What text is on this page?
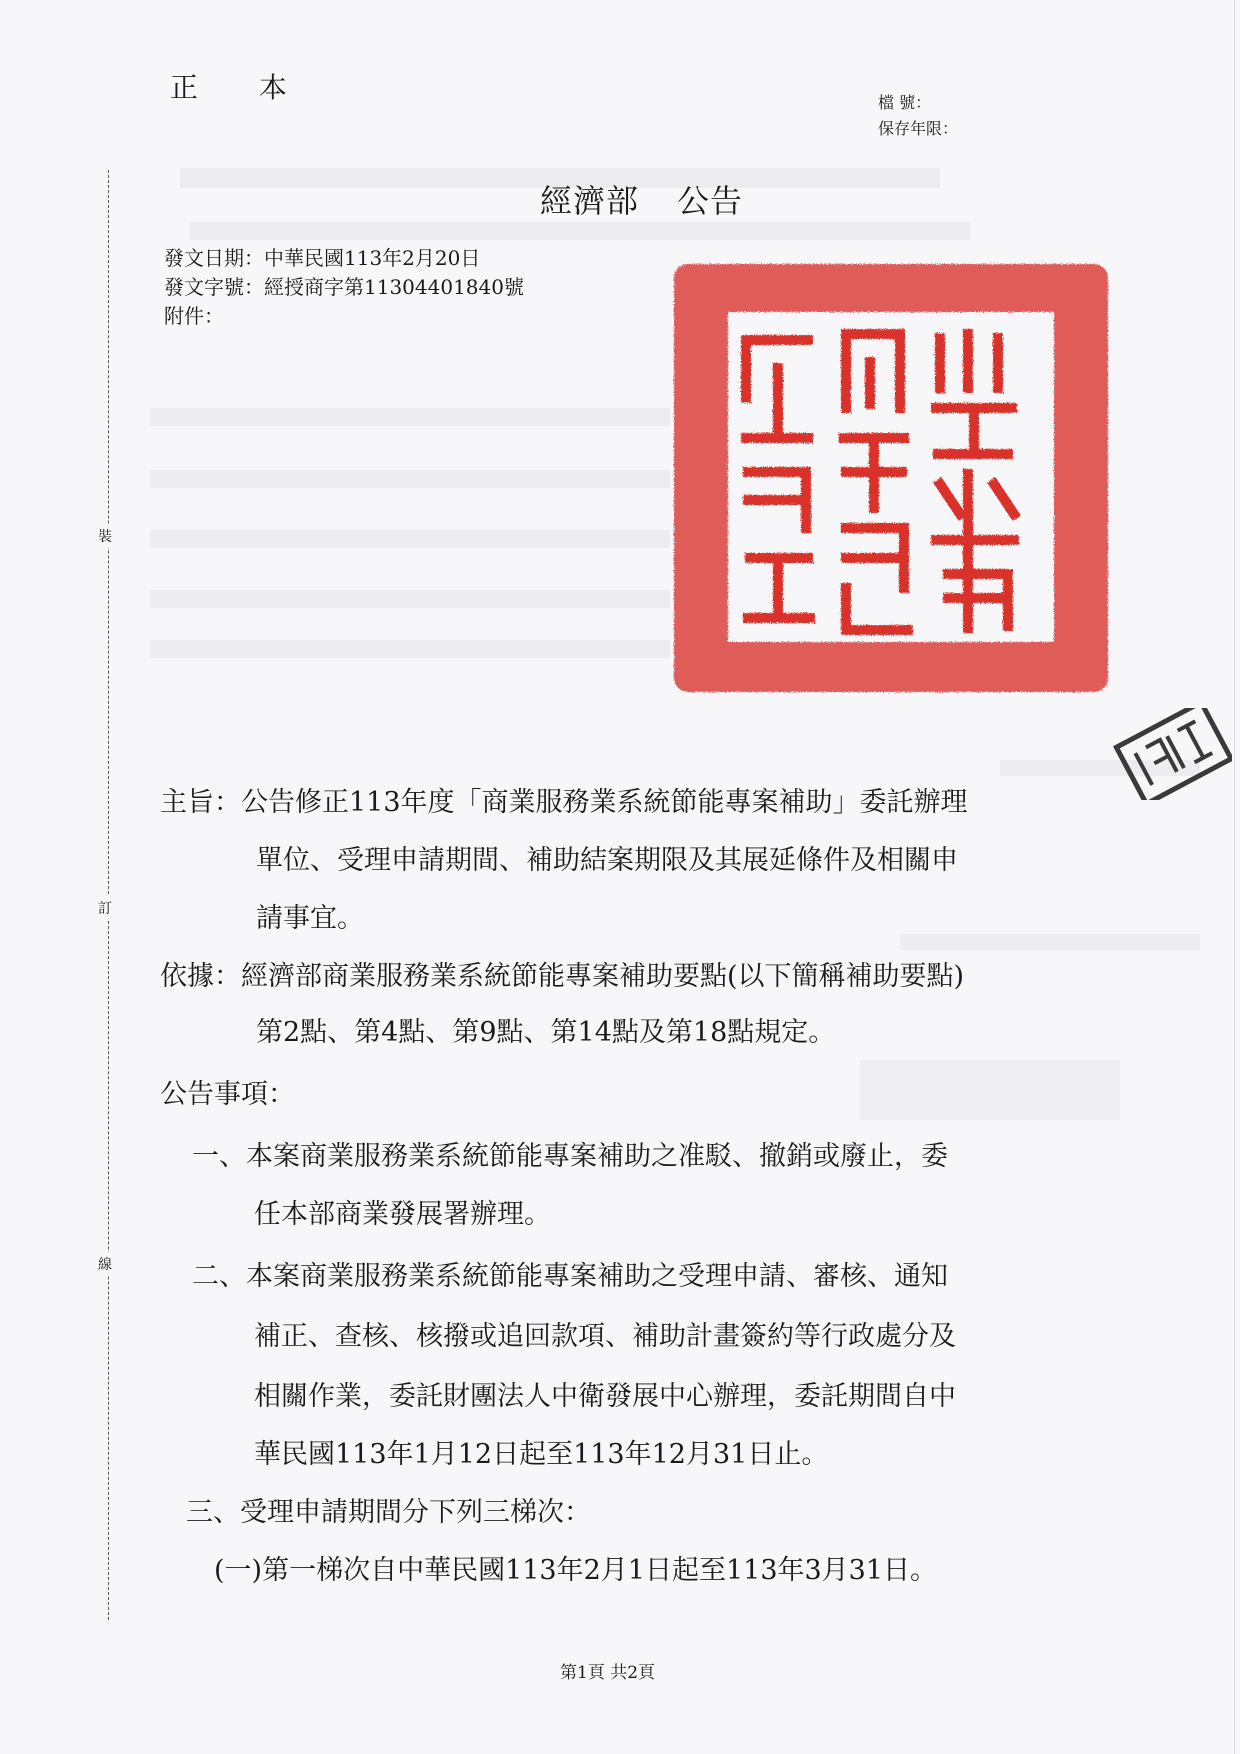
正 本	檔 號：
保存年限：
裝
訂
線
經濟部 公告
發文日期：中華民國113年2月20日
發文字號：經授商字第11304401840號
附件：
主旨：公告修正113年度「商業服務業系統節能專案補助」委託辦理
單位、受理申請期間、補助結案期限及其展延條件及相關申
請事宜。
依據：經濟部商業服務業系統節能專案補助要點(以下簡稱補助要點)
第2點、第4點、第9點、第14點及第18點規定。
公告事項：
一、本案商業服務業系統節能專案補助之准駁、撤銷或廢止，委
任本部商業發展署辦理。
二、本案商業服務業系統節能專案補助之受理申請、審核、通知
補正、查核、核撥或追回款項、補助計畫簽約等行政處分及
相關作業，委託財團法人中衛發展中心辦理，委託期間自中
華民國113年1月12日起至113年12月31日止。
三、受理申請期間分下列三梯次：
(一)第一梯次自中華民國113年2月1日起至113年3月31日。
第1頁 共2頁
